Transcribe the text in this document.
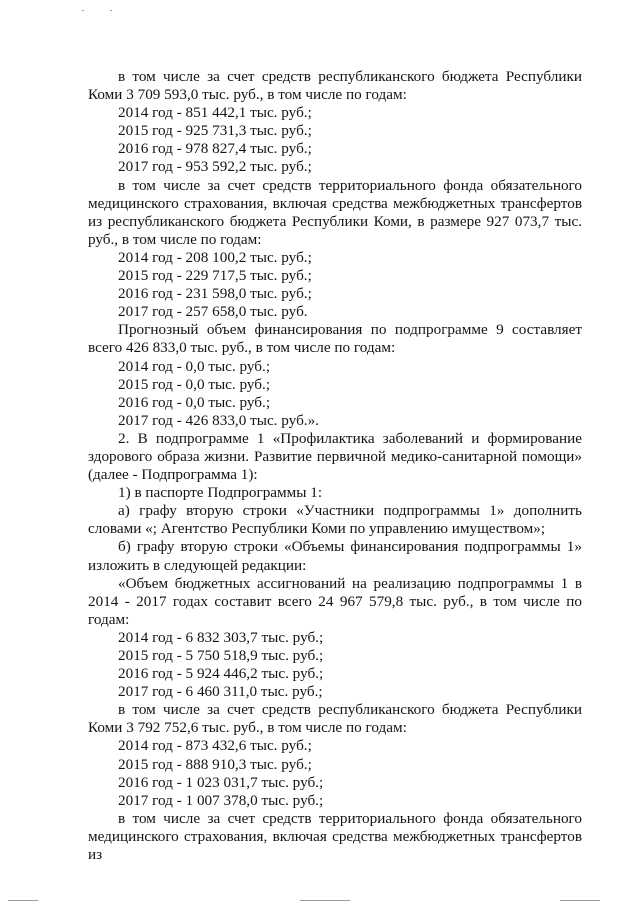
в том числе за счет средств республиканского бюджета Республики Коми 3 709 593,0 тыс. руб., в том числе по годам:

2014 год - 851 442,1 тыс. руб.;

2015 год - 925 731,3 тыс. руб.;

2016 год - 978 827,4 тыс. руб.;

2017 год - 953 592,2 тыс. руб.;

в том числе за счет средств территориального фонда обязательного медицинского страхования, включая средства межбюджетных трансфертов из республиканского бюджета Республики Коми, в размере 927 073,7 тыс. руб., в том числе по годам:

2014 год - 208 100,2 тыс. руб.;

2015 год - 229 717,5 тыс. руб.;

2016 год - 231 598,0 тыс. руб.;

2017 год - 257 658,0 тыс. руб.

Прогнозный объем финансирования по подпрограмме 9 составляет всего 426 833,0 тыс. руб., в том числе по годам:

2014 год - 0,0 тыс. руб.;

2015 год - 0,0 тыс. руб.;

2016 год - 0,0 тыс. руб.;

2017 год - 426 833,0 тыс. руб.».

2. В подпрограмме 1 «Профилактика заболеваний и формирование здорового образа жизни. Развитие первичной медико-санитарной помощи» (далее - Подпрограмма 1):

1) в паспорте Подпрограммы 1:

а) графу вторую строки «Участники подпрограммы 1» дополнить словами «; Агентство Республики Коми по управлению имуществом»;

б) графу вторую строки «Объемы финансирования подпрограммы 1» изложить в следующей редакции:

«Объем бюджетных ассигнований на реализацию подпрограммы 1 в 2014 - 2017 годах составит всего 24 967 579,8 тыс. руб., в том числе по годам:

2014 год - 6 832 303,7 тыс. руб.;

2015 год - 5 750 518,9 тыс. руб.;

2016 год - 5 924 446,2 тыс. руб.;

2017 год - 6 460 311,0 тыс. руб.;

в том числе за счет средств республиканского бюджета Республики Коми 3 792 752,6 тыс. руб., в том числе по годам:

2014 год - 873 432,6 тыс. руб.;

2015 год - 888 910,3 тыс. руб.;

2016 год - 1 023 031,7 тыс. руб.;

2017 год - 1 007 378,0 тыс. руб.;

в том числе за счет средств территориального фонда обязательного медицинского страхования, включая средства межбюджетных трансфертов из
